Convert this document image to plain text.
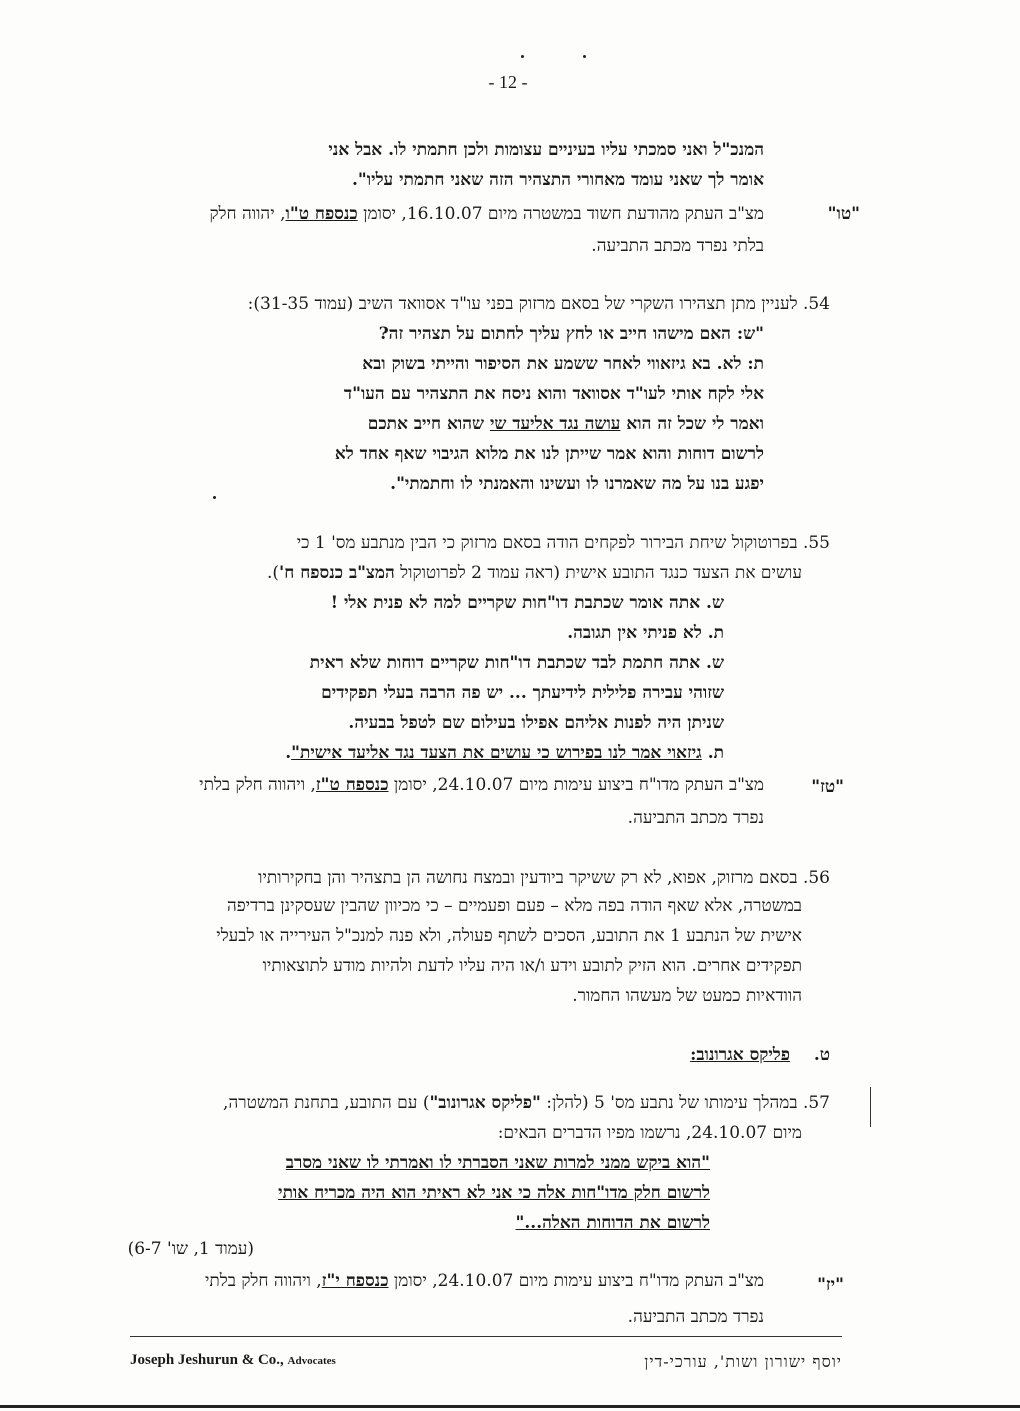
- 12 -

המנכ"ל ואני סמכתי עליו בעיניים עצומות ולכן חתמתי לו. אבל אני

אומר לך שאני עומד מאחורי התצהיר הזה שאני חתמתי עליו".

"טו"

מצ"ב העתק מהודעת חשוד במשטרה מיום 16.10.07, יסומן כנספח ט"ו, יהווה חלק

בלתי נפרד מכתב התביעה.

54. לעניין מתן תצהירו השקרי של בסאם מרזוק בפני עו"ד אסוואד השיב (עמוד 31-35):

"ש: האם מישהו חייב או לחץ עליך לחתום על תצהיר זה?

ת: לא. בא גיזאווי לאחר ששמע את הסיפור והייתי בשוק ובא

אלי לקח אותי לעו"ד אסוואד והוא ניסח את התצהיר עם העו"ד

ואמר לי שכל זה הוא עושה נגד אליעד שי שהוא חייב אתכם

לרשום דוחות והוא אמר שייתן לנו את מלוא הגיבוי שאף אחד לא

יפגע בנו על מה שאמרנו לו ועשינו והאמנתי לו וחתמתי".

55. בפרוטוקול שיחת הבירור לפקחים הודה בסאם מרזוק כי הבין מנתבע מס' 1 כי

עושים את הצעד כנגד התובע אישית (ראה עמוד 2 לפרוטוקול המצ"ב כנספח ח').

ש. אתה אומר שכתבת דו"חות שקריים למה לא פנית אלי !

ת. לא פניתי אין תגובה.

ש. אתה חתמת לבד שכתבת דו"חות שקריים דוחות שלא ראית

שזוהי עבירה פלילית לידיעתך ... יש פה הרבה בעלי תפקידים

שניתן היה לפנות אליהם אפילו בעילום שם לטפל בבעיה.

ת. גיזאוי אמר לנו בפירוש כי עושים את הצעד נגד אליעד אישית".

"טז"

מצ"ב העתק מדו"ח ביצוע עימות מיום 24.10.07, יסומן כנספח ט"ז, ויהווה חלק בלתי

נפרד מכתב התביעה.

56. בסאם מרזוק, אפוא, לא רק ששיקר ביודעין ובמצח נחושה הן בתצהיר והן בחקירותיו

במשטרה, אלא שאף הודה בפה מלא – פעם ופעמיים – כי מכיוון שהבין שעסקינן ברדיפה

אישית של הנתבע 1 את התובע, הסכים לשתף פעולה, ולא פנה למנכ"ל העירייה או לבעלי

תפקידים אחרים. הוא הזיק לתובע וידע ו/או היה עליו לדעת ולהיות מודע לתוצאותיו

הוודאיות כמעט של מעשהו החמור.

ט.

פליקס אגרונוב:

57. במהלך עימותו של נתבע מס' 5 (להלן: "פליקס אגרונוב") עם התובע, בתחנת המשטרה,

מיום 24.10.07, נרשמו מפיו הדברים הבאים:

"הוא ביקש ממני למרות שאני הסברתי לו ואמרתי לו שאני מסרב

לרשום חלק מדו"חות אלה כי אני לא ראיתי הוא היה מכריח אותי

לרשום את הדוחות האלה..."

(עמוד 1, שו' 6-7)

"יז"

מצ"ב העתק מדו"ח ביצוע עימות מיום 24.10.07, יסומן כנספח י"ז, ויהווה חלק בלתי

נפרד מכתב התביעה.

Joseph Jeshurun & Co., Advocates	יוסף ישורון ושות', עורכי-דין
